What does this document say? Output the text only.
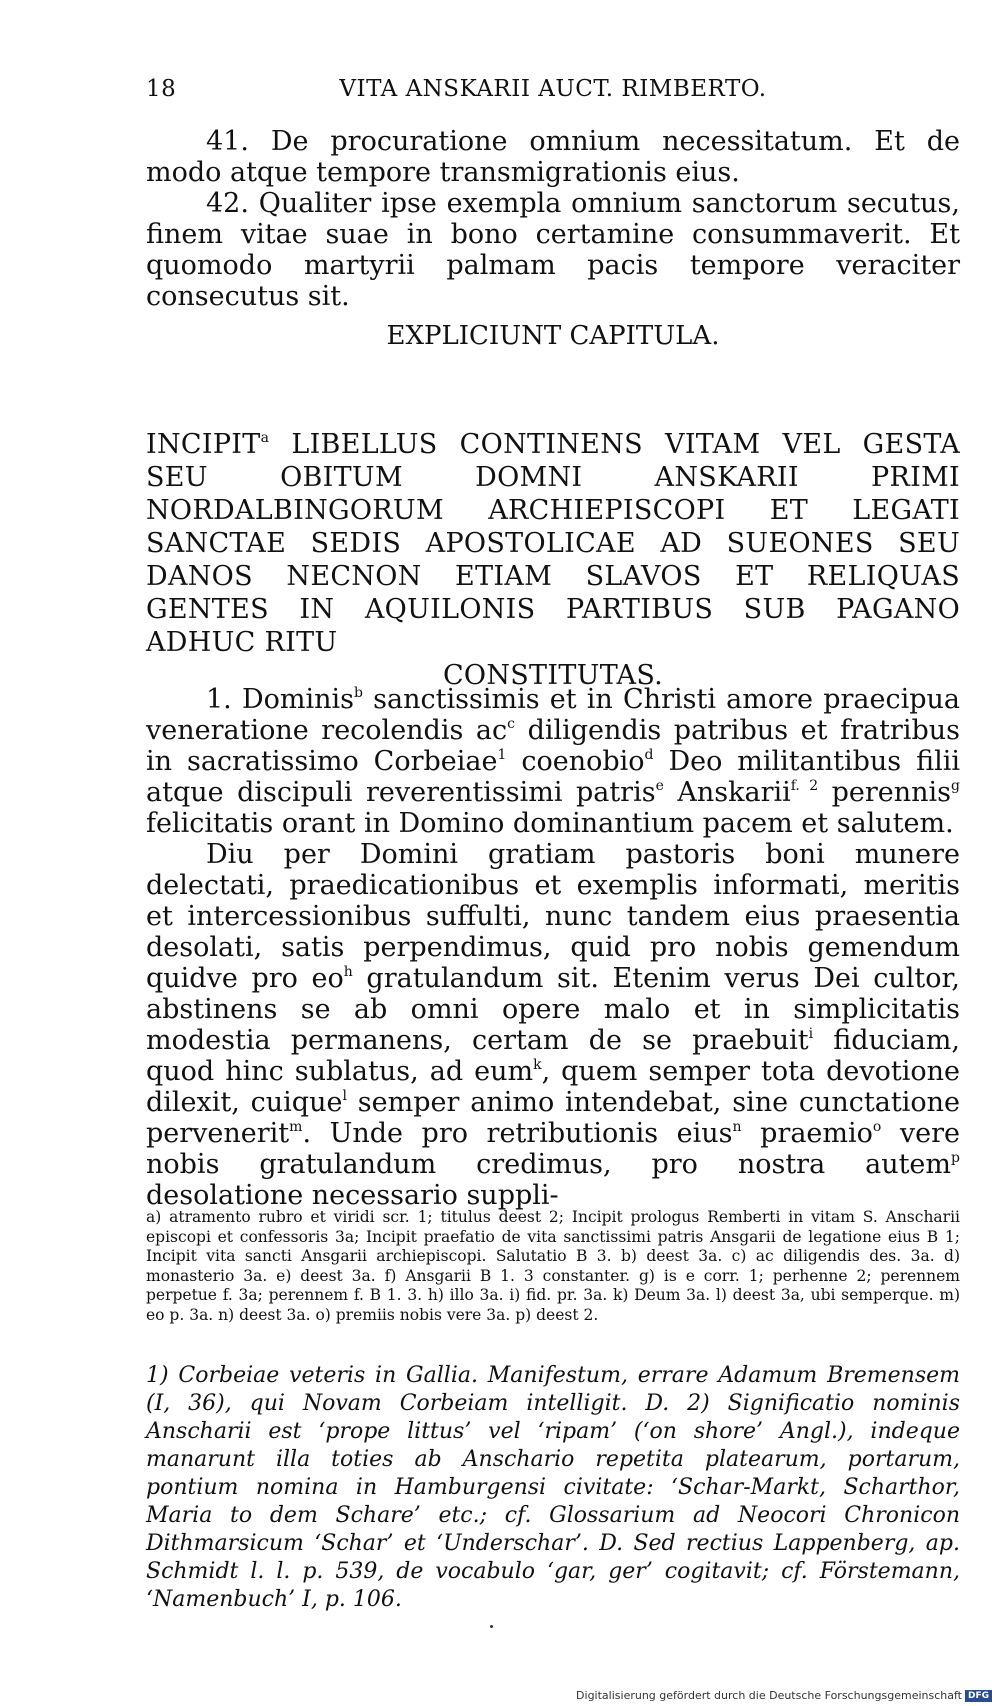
18	VITA ANSKARII AUCT. RIMBERTO.

41. De procuratione omnium necessitatum. Et de modo atque tempore transmigrationis eius.

42. Qualiter ipse exempla omnium sanctorum secutus, finem vitae suae in bono certamine consummaverit. Et quomodo martyrii palmam pacis tempore veraciter consecutus sit.

EXPLICIUNT CAPITULA.
INCIPIT$^a$ LIBELLUS CONTINENS VITAM VEL GESTA SEU OBITUM DOMNI ANSKARII PRIMI NORDALBINGORUM ARCHIEPISCOPI ET LEGATI SANCTAE SEDIS APOSTOLICAE AD SUEONES SEU DANOS NECNON ETIAM SLAVOS ET RELIQUAS GENTES IN AQUILONIS PARTIBUS SUB PAGANO ADHUC RITU
CONSTITUTAS.

1. Dominis$^b$ sanctissimis et in Christi amore praecipua veneratione recolendis $ac^c$ diligendis patribus et fratribus in sacratissimo Corbeiae$^1$ coenobio$^d$ Deo militantibus filii atque discipuli reverentissimi patris$^e$ Anskarii$^{f. 2}$ perennis$^g$ felicitatis orant in Domino dominantium pacem et salutem.

Diu per Domini gratiam pastoris boni munere delectati, praedicationibus et exemplis informati, meritis et intercessionibus suffulti, nunc tandem eius praesentia desolati, satis perpendimus, quid pro nobis gemendum quidve pro $eo^h$ gratulandum sit. Etenim verus Dei cultor, abstinens se ab omni opere malo et in simplicitatis modestia permanens, certam de se praebuit$^i$ fiduciam, quod hinc sublatus, ad eum$^k$, quem semper tota devotione dilexit, cuique$^l$ semper animo intendebat, sine cunctatione pervenerit$^m$. Unde pro retributionis eius$^n$ praemio$^o$ vere nobis gratulandum credimus, pro nostra autem$^p$ desolatione necessario suppli-

a) atramento rubro et viridi scr. 1; titulus deest 2; Incipit prologus Remberti in vitam S. Anscharii episcopi et confessoris 3a; Incipit praefatio de vita sanctissimi patris Ansgarii de legatione eius B 1; Incipit vita sancti Ansgarii archiepiscopi. Salutatio B 3. b) deest 3a. c) ac diligendis des. 3a. d) monasterio 3a. e) deest 3a. f) Ansgarii B 1. 3 constanter. g) is e corr. 1; perhenne 2; perennem perpetue f. 3a; perennem f. B 1. 3. h) illo 3a. i) fid. pr. 3a. k) Deum 3a. l) deest 3a, ubi semperque. m) eo p. 3a. n) deest 3a. o) premiis nobis vere 3a. p) deest 2.

1) Corbeiae veteris in Gallia. Manifestum, errare Adamum Bremensem (I, 36), qui Novam Corbeiam intelligit. D. 2) Significatio nominis Anscharii est ‘prope littus’ vel ‘ripam’ (‘on shore’ Angl.), indeque manarunt illa toties ab Anschario repetita platearum, portarum, pontium nomina in Hamburgensi civitate: ‘Schar-Markt, Scharthor, Maria to dem Schare’ etc.; cf. Glossarium ad Neocori Chronicon Dithmarsicum ‘Schar’ et ‘Underschar’. D. Sed rectius Lappenberg, ap. Schmidt l. l. p. 539, de vocabulo ‘gar, ger’ cogitavit; cf. Förstemann, ‘Namenbuch’ I, p. 106.

Digitalisierung gefördert durch die Deutsche Forschungsgemeinschaft DFG
